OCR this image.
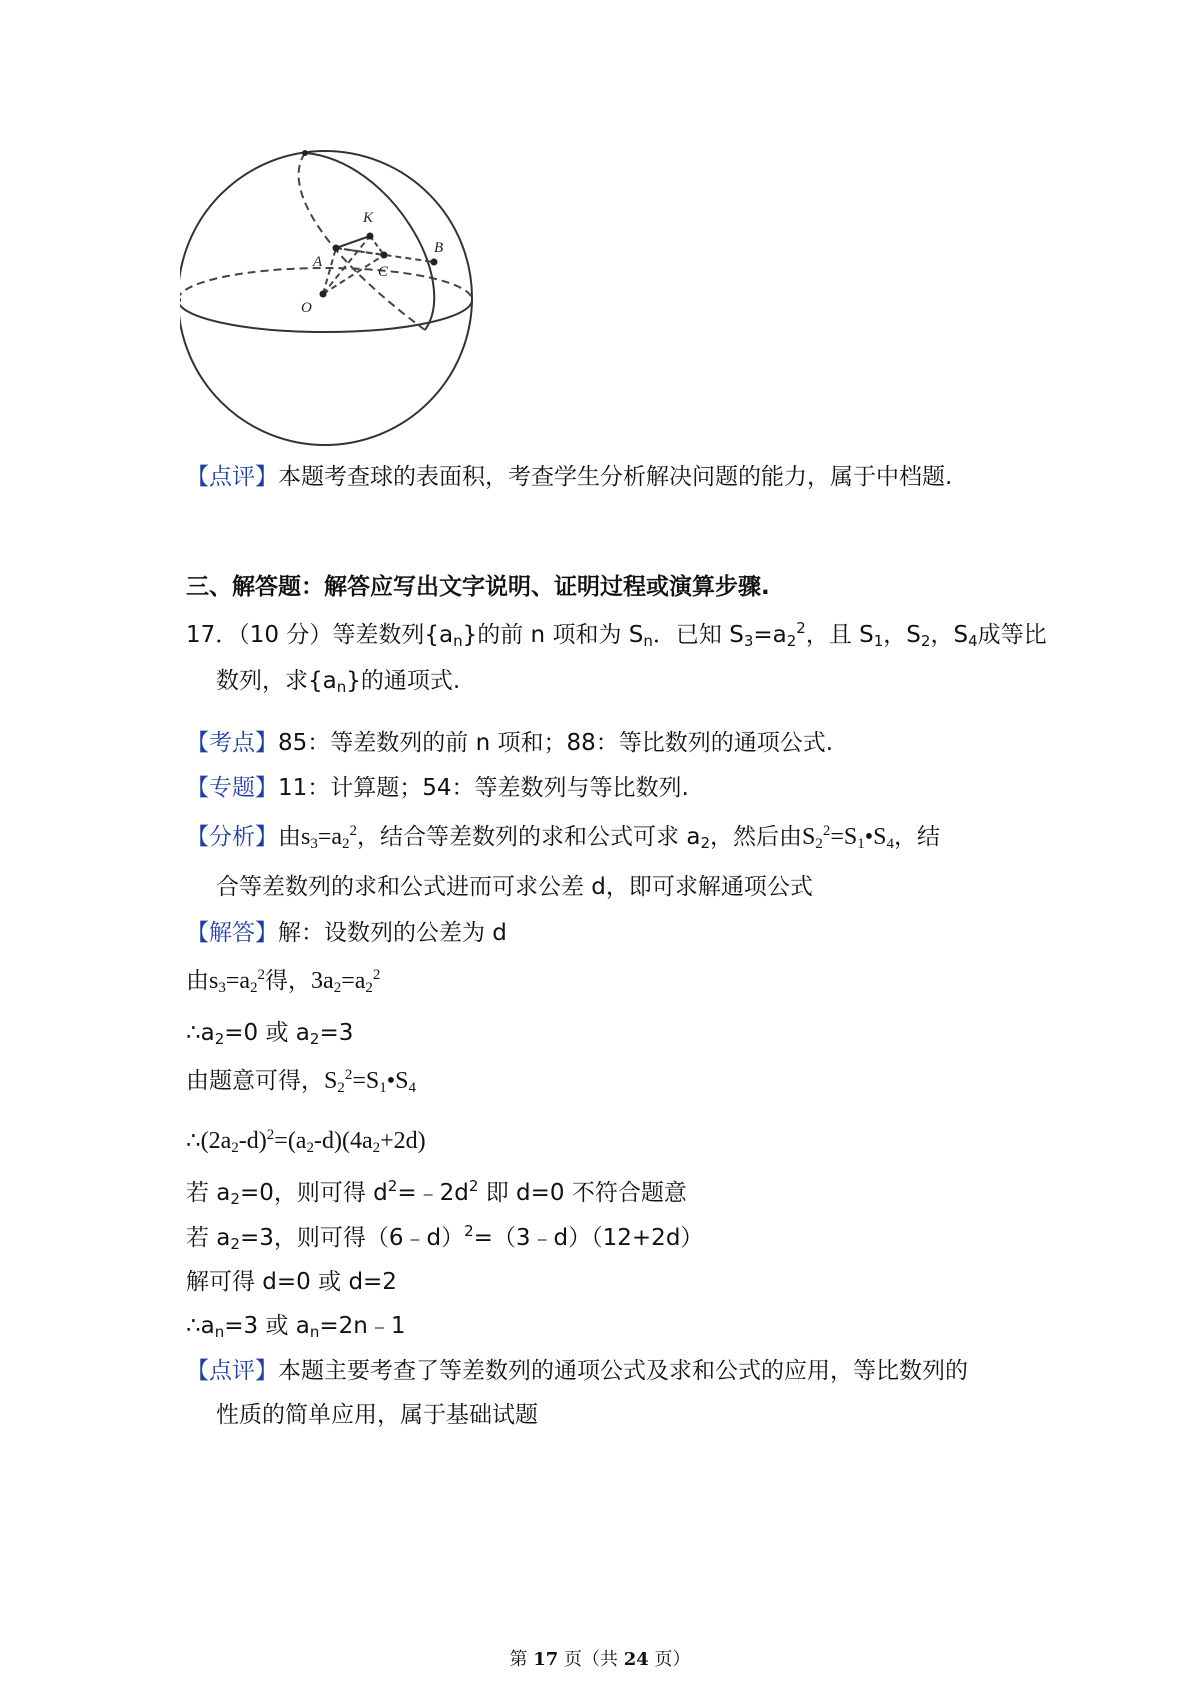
K
A
C
B
O
【点评】本题考查球的表面积，考查学生分析解决问题的能力，属于中档题.
三、解答题：解答应写出文字说明、证明过程或演算步骤.
17．（10 分）等差数列$\{a_n\}$的前 n 项和为 $S_n$．已知 $S_3=a_2^2$，且 $S_1$，$S_2$，$S_4$成等比
数列，求$\{a_n\}$的通项式.
【考点】85：等差数列的前 n 项和；88：等比数列的通项公式.
【专题】11：计算题；54：等差数列与等比数列.
【分析】由$s_3=a_2^2$，结合等差数列的求和公式可求 $a_2$，然后由$S_2^2=S_1•S_4$，结
合等差数列的求和公式进而可求公差 d，即可求解通项公式
【解答】解：设数列的公差为 d
由$s_3=a_2^2$得，$3a_2=a_2^2$
$\therefore a_2=0$ 或 $a_2=3$
由题意可得，$S_2^2=S_1•S_4$
$\therefore(2a_2-d)^2=(a_2-d)(4a_2+2d)$
若 $a_2=0$，则可得 $d^2=﹣2d^2$ 即 d=0 不符合题意
若 $a_2=3$，则可得（6﹣d）$^2$=（3﹣d）（12+2d）
解可得 d=0 或 d=2
$\therefore a_n=3$ 或 $a_n=2n﹣1$
【点评】本题主要考查了等差数列的通项公式及求和公式的应用，等比数列的
性质的简单应用，属于基础试题
第 17 页（共 24 页）
